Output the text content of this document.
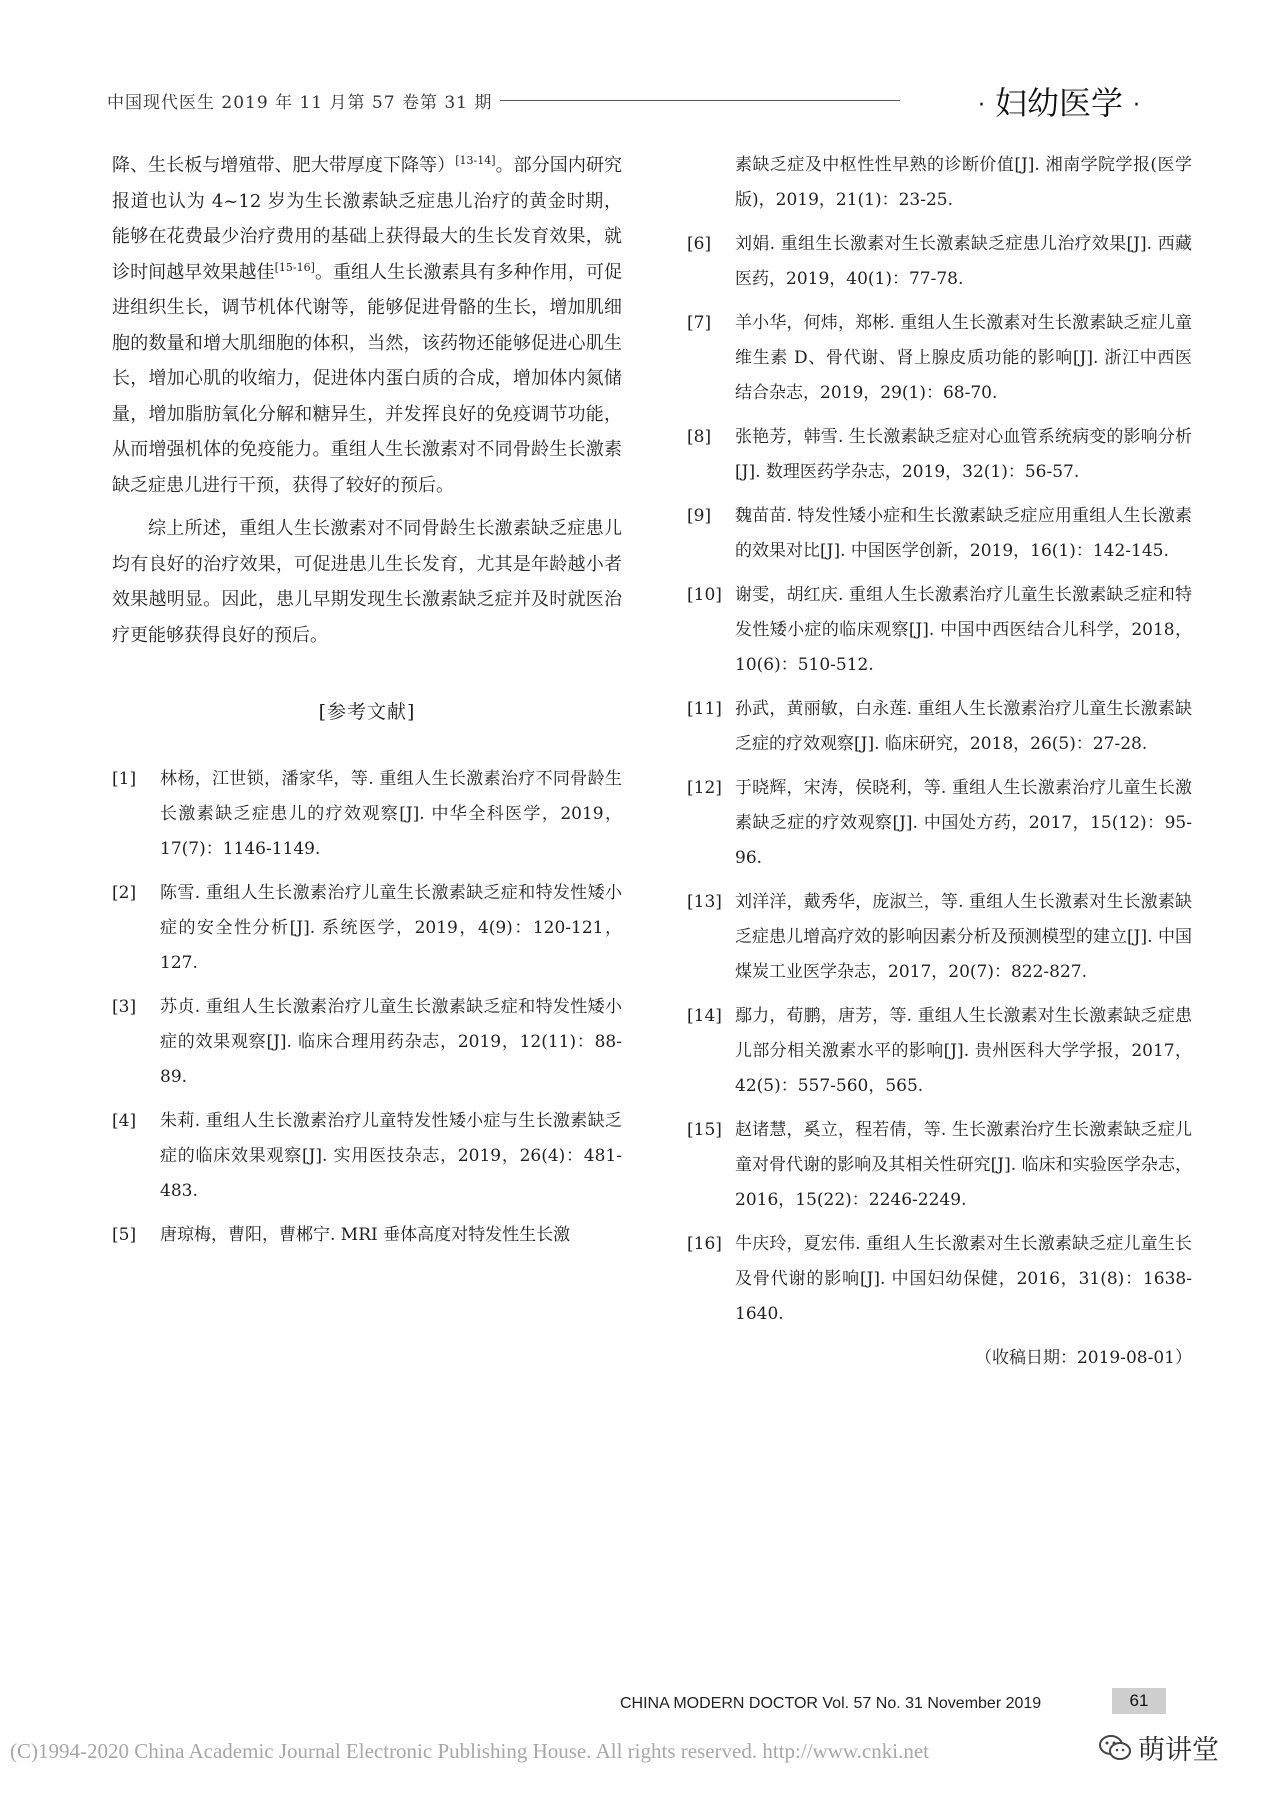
中国现代医生 2019 年 11 月第 57 卷第 31 期	· 妇幼医学 ·

降、生长板与增殖带、肥大带厚度下降等）[13-14]。部分国内研究报道也认为 4~12 岁为生长激素缺乏症患儿治疗的黄金时期，能够在花费最少治疗费用的基础上获得最大的生长发育效果，就诊时间越早效果越佳[15-16]。重组人生长激素具有多种作用，可促进组织生长，调节机体代谢等，能够促进骨骼的生长，增加肌细胞的数量和增大肌细胞的体积，当然，该药物还能够促进心肌生长，增加心肌的收缩力，促进体内蛋白质的合成，增加体内氮储量，增加脂肪氧化分解和糖异生，并发挥良好的免疫调节功能，从而增强机体的免疫能力。重组人生长激素对不同骨龄生长激素缺乏症患儿进行干预，获得了较好的预后。

综上所述，重组人生长激素对不同骨龄生长激素缺乏症患儿均有良好的治疗效果，可促进患儿生长发育，尤其是年龄越小者效果越明显。因此，患儿早期发现生长激素缺乏症并及时就医治疗更能够获得良好的预后。

[参考文献]
[1]	林杨，江世锁，潘家华，等. 重组人生长激素治疗不同骨龄生长激素缺乏症患儿的疗效观察[J]. 中华全科医学，2019，17(7)：1146-1149.
[2]	陈雪. 重组人生长激素治疗儿童生长激素缺乏症和特发性矮小症的安全性分析[J]. 系统医学，2019，4(9)：120-121，127.
[3]	苏贞. 重组人生长激素治疗儿童生长激素缺乏症和特发性矮小症的效果观察[J]. 临床合理用药杂志，2019，12(11)：88-89.
[4]	朱莉. 重组人生长激素治疗儿童特发性矮小症与生长激素缺乏症的临床效果观察[J]. 实用医技杂志，2019，26(4)：481-483.
[5]	唐琼梅，曹阳，曹郴宁. MRI 垂体高度对特发性生长激
素缺乏症及中枢性性早熟的诊断价值[J]. 湘南学院学报(医学版)，2019，21(1)：23-25.
[6]	刘娟. 重组生长激素对生长激素缺乏症患儿治疗效果[J]. 西藏医药，2019，40(1)：77-78.
[7]	羊小华，何炜，郑彬. 重组人生长激素对生长激素缺乏症儿童维生素 D、骨代谢、肾上腺皮质功能的影响[J]. 浙江中西医结合杂志，2019，29(1)：68-70.
[8]	张艳芳，韩雪. 生长激素缺乏症对心血管系统病变的影响分析[J]. 数理医药学杂志，2019，32(1)：56-57.
[9]	魏苗苗. 特发性矮小症和生长激素缺乏症应用重组人生长激素的效果对比[J]. 中国医学创新，2019，16(1)：142-145.
[10] 谢雯，胡红庆. 重组人生长激素治疗儿童生长激素缺乏症和特发性矮小症的临床观察[J]. 中国中西医结合儿科学，2018，10(6)：510-512.
[11] 孙武，黄丽敏，白永莲. 重组人生长激素治疗儿童生长激素缺乏症的疗效观察[J]. 临床研究，2018，26(5)：27-28.
[12] 于晓辉，宋涛，侯晓利，等. 重组人生长激素治疗儿童生长激素缺乏症的疗效观察[J]. 中国处方药，2017，15(12)：95-96.
[13] 刘洋洋，戴秀华，庞淑兰，等. 重组人生长激素对生长激素缺乏症患儿增高疗效的影响因素分析及预测模型的建立[J]. 中国煤炭工业医学杂志，2017，20(7)：822-827.
[14] 鄢力，荀鹏，唐芳，等. 重组人生长激素对生长激素缺乏症患儿部分相关激素水平的影响[J]. 贵州医科大学学报，2017，42(5)：557-560，565.
[15] 赵诸慧，奚立，程若倩，等. 生长激素治疗生长激素缺乏症儿童对骨代谢的影响及其相关性研究[J]. 临床和实验医学杂志，2016，15(22)：2246-2249.
[16] 牛庆玲，夏宏伟. 重组人生长激素对生长激素缺乏症儿童生长及骨代谢的影响[J]. 中国妇幼保健，2016，31(8)：1638-1640.
（收稿日期：2019-08-01）
CHINA MODERN DOCTOR Vol. 57 No. 31 November 2019	61
(C)1994-2020 China Academic Journal Electronic Publishing House. All rights reserved. http://www.cnki.net	萌讲堂
